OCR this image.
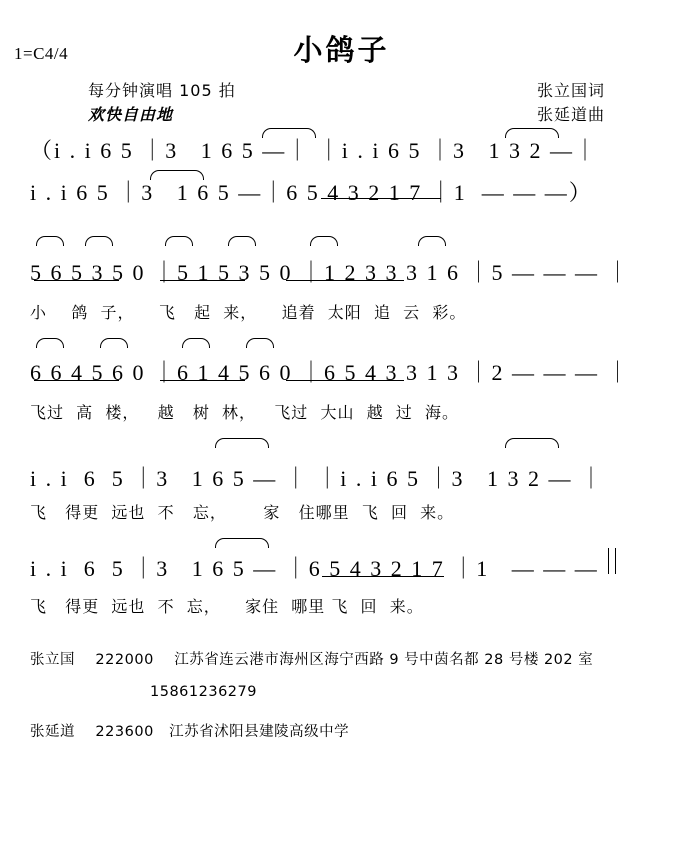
1=C4/4	小鸽子
每分钟演唱 105 拍
欢快自由地
张立国词
张延道曲
（i . i 6 5 ｜3   1 6 5 —｜ ｜i . i 6 5 ｜3   1 3 2 —｜
i . i 6 5 ｜3   1 6 5 —｜6 5 4 3 2 1 7 ｜1  — — —）
5 6 5 3 5 0 ｜5 1 5 3 5 0 ｜1 2 3 3 3 1 6 ｜5 — — — ｜
小    鸽  子，    飞   起  来，    追着  太阳  追  云  彩。
6 6 4 5 6 0 ｜6 1 4 5 6 0 ｜6 5 4 3 3 1 3 ｜2 — — — ｜
飞过  高  楼，   越   树  林，   飞过  大山  越  过  海。
i . i  6  5 ｜3   1 6 5 — ｜ ｜i . i 6 5 ｜3   1 3 2 — ｜
飞   得更  远也  不   忘，      家   住哪里  飞  回  来。
i . i  6  5 ｜3   1 6 5 — ｜6 5 4 3 2 1 7 ｜1   — — —
飞   得更  远也  不  忘，    家住  哪里 飞  回  来。
张立国    222000    江苏省连云港市海州区海宁西路 9 号中茵名都 28 号楼 202 室
15861236279
张延道    223600   江苏省沭阳县建陵高级中学
